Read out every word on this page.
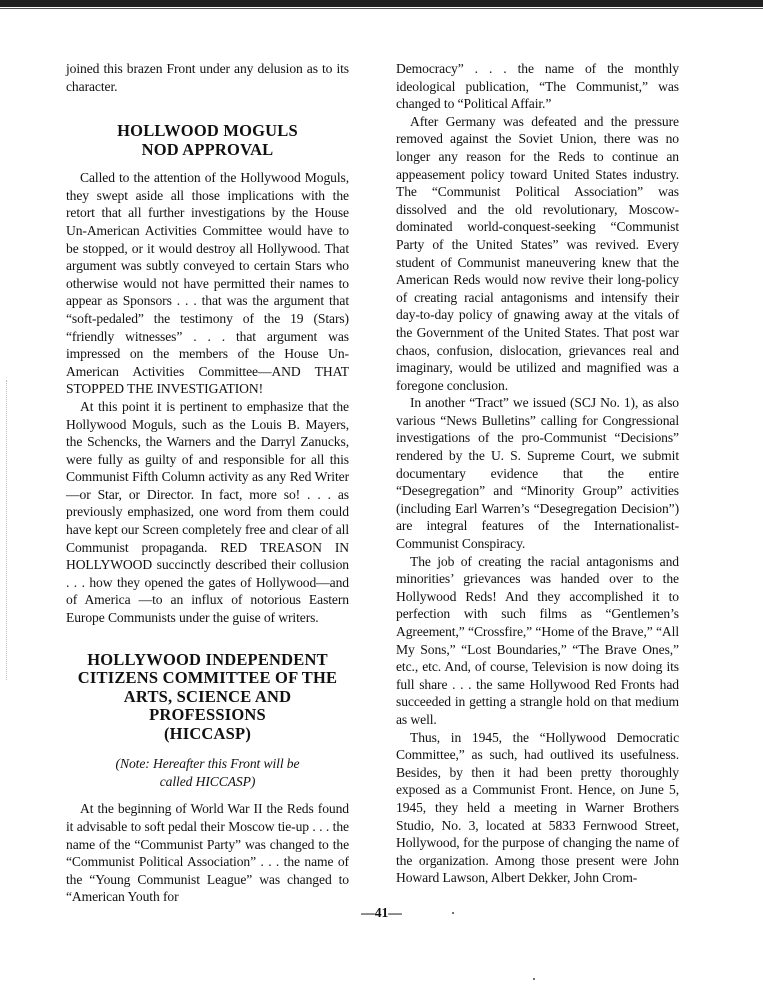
joined this brazen Front under any delusion as to its character.

HOLLWOOD MOGULS
NOD APPROVAL

Called to the attention of the Hollywood Moguls, they swept aside all those implications with the retort that all further investigations by the House Un-American Activities Committee would have to be stopped, or it would destroy all Hollywood. That argument was subtly conveyed to certain Stars who otherwise would not have permitted their names to appear as Sponsors . . . that was the argument that “soft-pedaled” the testimony of the 19 (Stars) “friendly witnesses” . . . that argument was impressed on the members of the House Un-American Activities Committee—AND THAT STOPPED THE INVESTIGATION!

At this point it is pertinent to emphasize that the Hollywood Moguls, such as the Louis B. Mayers, the Schencks, the Warners and the Darryl Zanucks, were fully as guilty of and responsible for all this Communist Fifth Column activity as any Red Writer—or Star, or Director. In fact, more so! . . . as previously emphasized, one word from them could have kept our Screen completely free and clear of all Communist propaganda. RED TREASON IN HOLLYWOOD succinctly described their collusion . . . how they opened the gates of Hollywood—and of America —to an influx of notorious Eastern Europe Communists under the guise of writers.

HOLLYWOOD INDEPENDENT
CITIZENS COMMITTEE OF THE
ARTS, SCIENCE AND PROFESSIONS
(HICCASP)
(Note: Hereafter this Front will be
called HICCASP)

At the beginning of World War II the Reds found it advisable to soft pedal their Moscow tie-up . . . the name of the “Communist Party” was changed to the “Communist Political Association” . . . the name of the “Young Communist League” was changed to “American Youth for

Democracy” . . . the name of the monthly ideological publication, “The Communist,” was changed to “Political Affair.”

After Germany was defeated and the pressure removed against the Soviet Union, there was no longer any reason for the Reds to continue an appeasement policy toward United States industry. The “Communist Political Association” was dissolved and the old revolutionary, Moscow-dominated world-conquest-seeking “Communist Party of the United States” was revived. Every student of Communist maneuvering knew that the American Reds would now revive their long-policy of creating racial antagonisms and intensify their day-to-day policy of gnawing away at the vitals of the Government of the United States. That post war chaos, confusion, dislocation, grievances real and imaginary, would be utilized and magnified was a foregone conclusion.

In another “Tract” we issued (SCJ No. 1), as also various “News Bulletins” calling for Congressional investigations of the pro-Communist “Decisions” rendered by the U. S. Supreme Court, we submit documentary evidence that the entire “Desegregation” and “Minority Group” activities (including Earl Warren’s “Desegregation Decision”) are integral features of the Internationalist-Communist Conspiracy.

The job of creating the racial antagonisms and minorities’ grievances was handed over to the Hollywood Reds! And they accomplished it to perfection with such films as “Gentlemen’s Agreement,” “Crossfire,” “Home of the Brave,” “All My Sons,” “Lost Boundaries,” “The Brave Ones,” etc., etc. And, of course, Television is now doing its full share . . . the same Hollywood Red Fronts had succeeded in getting a strangle hold on that medium as well.

Thus, in 1945, the “Hollywood Democratic Committee,” as such, had outlived its usefulness. Besides, by then it had been pretty thoroughly exposed as a Communist Front. Hence, on June 5, 1945, they held a meeting in Warner Brothers Studio, No. 3, located at 5833 Fernwood Street, Hollywood, for the purpose of changing the name of the organization. Among those present were John Howard Lawson, Albert Dekker, John Crom-

—41—
